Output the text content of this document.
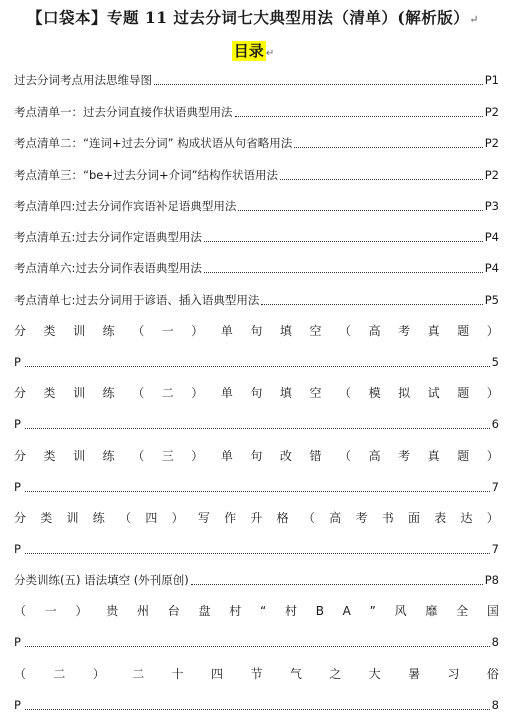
【口袋本】专题 11 过去分词七大典型用法（清单）(解析版）↵
目录 ↵
过去分词考点用法思维导图	P1
考点清单一：过去分词直接作状语典型用法	P2
考点清单二：“连词+过去分词” 构成状语从句省略用法	P2
考点清单三：“be+过去分词+介词”结构作状语用法	P2
考点清单四:过去分词作宾语补足语典型用法	P3
考点清单五:过去分词作定语典型用法	P4
考点清单六:过去分词作表语典型用法	P4
考点清单七:过去分词用于谚语、插入语典型用法	P5
分 类 训 练 （ 一 ） 单 句 填 空 （ 高 考 真 题 ）
P	5
分 类 训 练 （ 二 ） 单 句 填 空 （ 模 拟 试 题 ）
P	6
分 类 训 练 （ 三 ） 单 句 改 错 （ 高 考 真 题 ）
P	7
分 类 训 练 （ 四 ） 写 作 升 格 （ 高 考 书 面 表 达 ）
P	7
分类训练(五) 语法填空 (外刊原创)	P8
（ 一 ） 贵 州 台 盘 村 “ 村 B A ” 风 靡 全 国
P	8
（ 二 ） 二 十 四 节 气 之 大 暑 习 俗
P	8
